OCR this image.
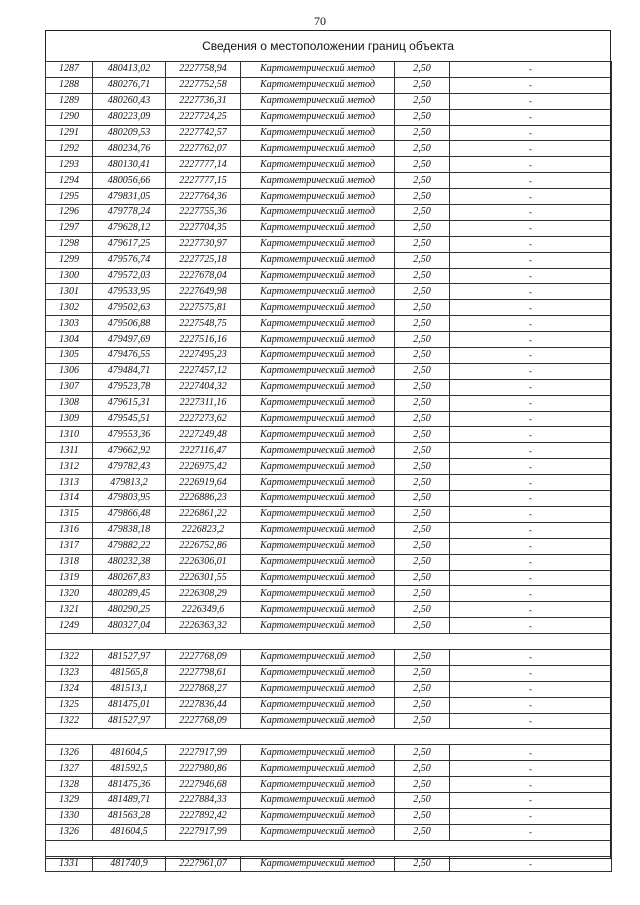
70
Сведения о местоположении границ объекта
1287	480413,02	2227758,94	Картометрический метод	2,50	-
1288	480276,71	2227752,58	Картометрический метод	2,50	-
1289	480260,43	2227736,31	Картометрический метод	2,50	-
1290	480223,09	2227724,25	Картометрический метод	2,50	-
1291	480209,53	2227742,57	Картометрический метод	2,50	-
1292	480234,76	2227762,07	Картометрический метод	2,50	-
1293	480130,41	2227777,14	Картометрический метод	2,50	-
1294	480056,66	2227777,15	Картометрический метод	2,50	-
1295	479831,05	2227764,36	Картометрический метод	2,50	-
1296	479778,24	2227755,36	Картометрический метод	2,50	-
1297	479628,12	2227704,35	Картометрический метод	2,50	-
1298	479617,25	2227730,97	Картометрический метод	2,50	-
1299	479576,74	2227725,18	Картометрический метод	2,50	-
1300	479572,03	2227678,04	Картометрический метод	2,50	-
1301	479533,95	2227649,98	Картометрический метод	2,50	-
1302	479502,63	2227575,81	Картометрический метод	2,50	-
1303	479506,88	2227548,75	Картометрический метод	2,50	-
1304	479497,69	2227516,16	Картометрический метод	2,50	-
1305	479476,55	2227495,23	Картометрический метод	2,50	-
1306	479484,71	2227457,12	Картометрический метод	2,50	-
1307	479523,78	2227404,32	Картометрический метод	2,50	-
1308	479615,31	2227311,16	Картометрический метод	2,50	-
1309	479545,51	2227273,62	Картометрический метод	2,50	-
1310	479553,36	2227249,48	Картометрический метод	2,50	-
1311	479662,92	2227116,47	Картометрический метод	2,50	-
1312	479782,43	2226975,42	Картометрический метод	2,50	-
1313	479813,2	2226919,64	Картометрический метод	2,50	-
1314	479803,95	2226886,23	Картометрический метод	2,50	-
1315	479866,48	2226861,22	Картометрический метод	2,50	-
1316	479838,18	2226823,2	Картометрический метод	2,50	-
1317	479882,22	2226752,86	Картометрический метод	2,50	-
1318	480232,38	2226306,01	Картометрический метод	2,50	-
1319	480267,83	2226301,55	Картометрический метод	2,50	-
1320	480289,45	2226308,29	Картометрический метод	2,50	-
1321	480290,25	2226349,6	Картометрический метод	2,50	-
1249	480327,04	2226363,32	Картометрический метод	2,50	-

1322	481527,97	2227768,09	Картометрический метод	2,50	-
1323	481565,8	2227798,61	Картометрический метод	2,50	-
1324	481513,1	2227868,27	Картометрический метод	2,50	-
1325	481475,01	2227836,44	Картометрический метод	2,50	-
1322	481527,97	2227768,09	Картометрический метод	2,50	-

1326	481604,5	2227917,99	Картометрический метод	2,50	-
1327	481592,5	2227980,86	Картометрический метод	2,50	-
1328	481475,36	2227946,68	Картометрический метод	2,50	-
1329	481489,71	2227884,33	Картометрический метод	2,50	-
1330	481563,28	2227892,42	Картометрический метод	2,50	-
1326	481604,5	2227917,99	Картометрический метод	2,50	-

1331	481740,9	2227961,07	Картометрический метод	2,50	-
